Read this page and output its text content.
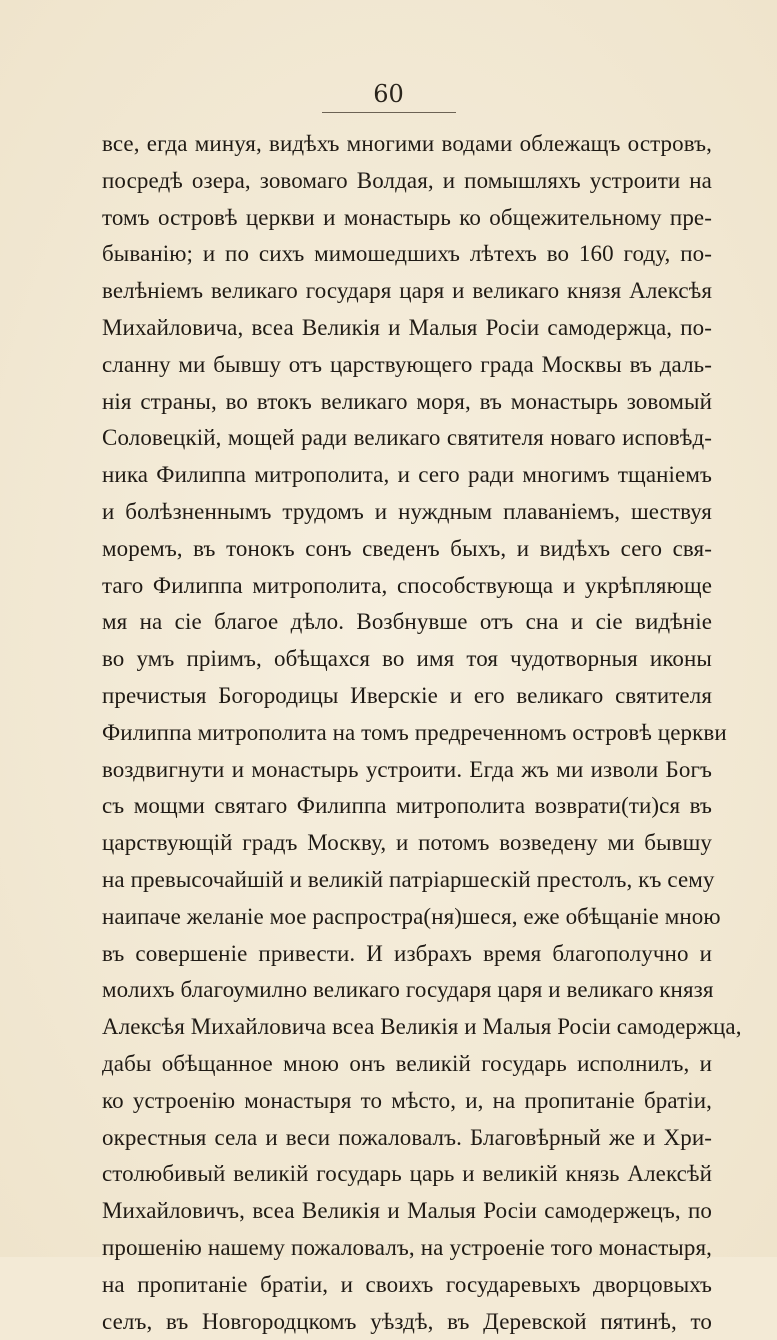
60
все, егда минуя, видѣхъ многими водами облежащъ островъ,
посредѣ озера, зовомаго Волдая, и помышляхъ устроити на
томъ островѣ церкви и монастырь ко общежительному пре-
быванiю; и по сихъ мимошедшихъ лѣтехъ во 160 году, по-
велѣнiемъ великаго государя царя и великаго князя Алексѣя
Михайловича, всеа Великiя и Малыя Росiи самодержца, по-
сланну ми бывшу отъ царствующего града Москвы въ даль-
нiя страны, во втокъ великаго моря, въ монастырь зовомый
Соловецкiй, мощей ради великаго святителя новаго исповѣд-
ника Филиппа митрополита, и сего ради многимъ тщанiемъ
и болѣзненнымъ трудомъ и нуждным плаванiемъ, шествуя
моремъ, въ тонокъ сонъ сведенъ быхъ, и видѣхъ сего свя-
таго Филиппа митрополита, способствующа и укрѣпляюще
мя на сiе благое дѣло. Возбнувше отъ сна и сiе видѣнiе
во умъ прiимъ, обѣщахся во имя тоя чудотворныя иконы
пречистыя Богородицы Иверскiе и его великаго святителя
Филиппа митрополита на томъ предреченномъ островѣ церкви
воздвигнути и монастырь устроити. Егда жъ ми изволи Богъ
съ мощми святаго Филиппа митрополита возврати(ти)ся въ
царствующiй градъ Москву, и потомъ возведену ми бывшу
на превысочайшiй и великiй патрiаршескiй престолъ, къ сему
наипаче желанiе мое распростра(ня)шеся, еже обѣщанiе мною
въ совершенiе привести. И избрахъ время благополучно и
молихъ благоумилно великаго государя царя и великаго князя
Алексѣя Михайловича всеа Великiя и Малыя Росiи самодержца,
дабы обѣщанное мною онъ великiй государь исполнилъ, и
ко устроенiю монастыря то мѣсто, и, на пропитанiе братiи,
окрестныя села и веси пожаловалъ. Благовѣрный же и Хри-
столюбивый великiй государь царь и великiй князь Алексѣй
Михайловичъ, всеа Великiя и Малыя Росiи самодержецъ, по
прошенiю нашему пожаловалъ, на устроенiе того монастыря,
на пропитанiе братiи, и своихъ государевыхъ дворцовыхъ
селъ, въ Новгородцкомъ уѣздѣ, въ Деревской пятинѣ, то
